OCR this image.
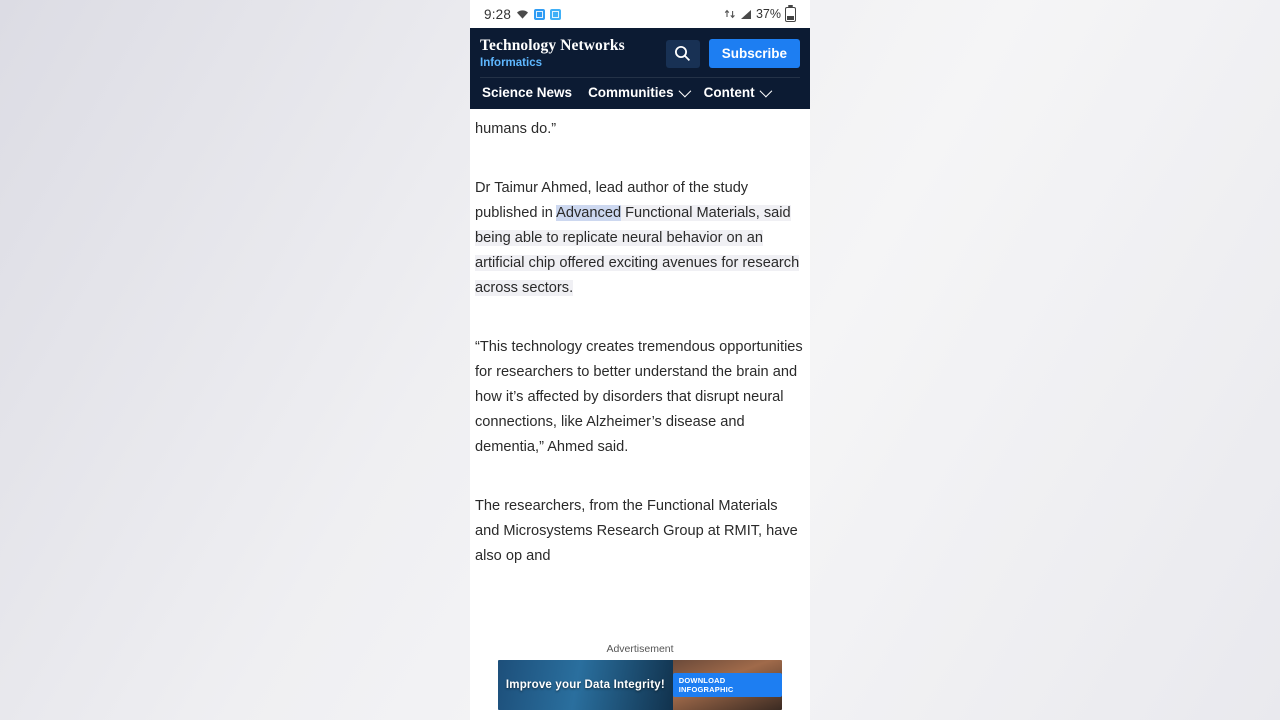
9:28	37%
Technology Networks
Informatics
Subscribe
Science News Communities Content

humans do.”

Dr Taimur Ahmed, lead author of the study published in Advanced Functional Materials, said being able to replicate neural behavior on an artificial chip offered exciting avenues for research across sectors.

“This technology creates tremendous opportunities for researchers to better understand the brain and how it’s affected by disorders that disrupt neural connections, like Alzheimer’s disease and dementia,” Ahmed said.

The researchers, from the Functional Materials and Microsystems Research Group at RMIT, have also op and

Advertisement
Improve your Data Integrity!	DOWNLOAD INFOGRAPHIC
